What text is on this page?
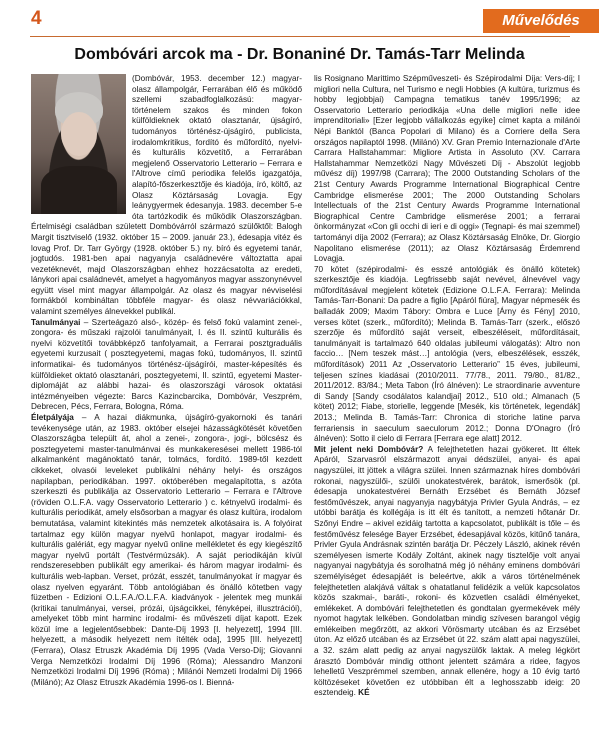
4	Művelődés
Dombóvári arcok ma - Dr. Bonaniné Dr. Tamás-Tarr Melinda

(Dombóvár, 1953. december 12.) magyar-olasz állampolgár, Ferrarában élő és működő szellemi szabadfoglalkozású: magyar-történelem szakos és minden fokon külföldieknek oktató olasztanár, újságíró, tudományos történész-újságíró, publicista, irodalomkritikus, fordító és műfordító, nyelvi- és kulturális közvetítő, a Ferrarában megjelenő Osservatorio Letterario – Ferrara e l'Altrove című periodika felelős igazgatója, alapító-főszerkesztője és kiadója, író, költő, az Olasz Köztársaság Lovagja. Egy leánygyermek édesanyja. 1983. december 5-e óta tartózkodik és működik Olaszországban. Értelmiségi családban született Dombóvárról származó szülőktől: Balogh Margit tisztviselő (1932. október 15 – 2009. január 23.), édesapja vitéz és lovag Prof. Dr. Tarr György (1928. október 5.) ny. bíró és egyetemi tanár, jogtudós. 1981-ben apai nagyanyja családnevére változtatta apai vezetéknevét, majd Olaszországban ehhez hozzácsatolta az eredeti, lánykori apai családnevét, amelyet a hagyományos magyar asszonynévvel együtt visel mint magyar állampolgár. Az olasz és magyar névviselési formákból kombináltan többféle magyar- és olasz névvariációkkal, valamint személyes álnevekkel publikál.

Tanulmányai – Szerteágazó alsó-, közép- és felső fokú valamint zenei-, zongora- és műszaki rajzolói tanulmányait, I. és II. szintű kulturális és nyelvi közvetítői továbbképző tanfolyamait, a Ferrarai posztgraduális egyetemi kurzusait ( posztegyetemi, magas fokú, tudományos, II. szintű informatikai- és tudományos történész-újságírói, master-képesítés és külföldieket oktató olasztanári, posztegyetemi, II. szintű, egyetemi Master-diplomáját az alábbi hazai- és olaszországi városok oktatási intézményeiben végezte: Barcs Kazincbarcika, Dombóvár, Veszprém, Debrecen, Pécs, Ferrara, Bologna, Róma.

Életpályája – A hazai diákmunka, újságíró-gyakornoki és tanári tevékenysége után, az 1983. október elsejei házasságkötését követően Olaszországba települt át, ahol a zenei-, zongora-, jogi-, bölcsész és posztegyetemi master-tanulmánvai és munkakeresései mellett 1986-tól alkalmanként magánoktató tanár, tolmács, fordító. 1989-től kezdett cikkeket, olvasói leveleket publikálni néhány helyi- és országos napilapban, periodikában. 1997. októberében megalapította, s azóta szerkeszti és publikálja az Osservatorio Letterario – Ferrara e l'Altrove (röviden O.L.F.A. vagy Osservatorio Letterario ) c. kétnyelvű irodalmi- és kulturális periodikát, amely elsősorban a magyar és olasz kultúra, irodalom bemutatása, valamint kitekintés más nemzetek alkotásaira is. A folyóirat tartalmaz egy külön magyar nyelvű honlapot, magyar irodalmi- és kulturális galériát, egy magyar nyelvű online mellékletet és egy kiegészítő magyar nyelvű portált (Testvérmúzsák). A saját periodikáján kívül rendszeresebben publikált egy amerikai- és három magyar irodalmi- és kulturális web-lapban. Verset, prózát, esszét, tanulmányokat ír magyar és olasz nyelven egyaránt. Több antológiában és önálló kötetben vagy füzetben - Edizioni O.L.F.A./O.L.F.A. kiadványok - jelentek meg munkái (kritikai tanulmányai, versei, prózái, újságcikkei, fényképei, illusztrációi), amelyeket több mint harminc irodalmi- és művészeti díjat kapott. Ezek közül íme a legjelentősebbek: Dante-Díj 1993 [I. helyezett], 1994 [III. helyezett, a második helyezett nem ítélték oda], 1995 [III. helyezett] (Ferrara), Olasz Etruszk Akadémia Díj 1995 (Vada Verso-Díj; Giovanni Verga Nemzetközi Irodalmi Díj 1996 (Róma); Alessandro Manzoni Nemzetközi Irodalmi Díj 1996 (Róma) ; Milánói Nemzeti Irodalmi Díj 1966 (Milánó); Az Olasz Etruszk Akadémia 1996-os I. Bienná-

lis Rosignano Marittimo Szépműveszeti- és Szépirodalmi Díja: Vers-díj; I migliori nella Cultura, nel Turismo e negli Hobbies (A kultúra, turizmus és hobby legjobbjai) Campagna tematikus tanév 1995/1996; az Osservatorio Letterario periodikája «Una delle migliori nelle idee imprenditoriali» [Ezer legjobb vállalkozás egyike] címet kapta a milánói Népi Banktól (Banca Popolari di Milano) és a Corriere della Sera országos napilaptól 1998. (Milánó) XV. Gran Premio Internazionale d'Arte Carrara Hallstahammar: Migliore Artista in Assoluto (XV. Carrara Hallstahammar Nemzetközi Nagy Művészeti Díj - Abszolút legjobb művész díj) 1997/98 (Carrara); The 2000 Outstanding Scholars of the 21st Century Awards Programme International Biographical Centre Cambridge elismerése 2001; The 2000 Outstanding Scholars Intellectuals of the 21st Century Awards Programme International Biographical Centre Cambridge elismerése 2001; a ferrarai önkormányzat «Con gli occhi di ieri e di oggi» (Tegnapi- és mai szemmel) tartományi díja 2002 (Ferrara); az Olasz Köztársaság Elnöke, Dr. Giorgio Napolitano elismerése (2011); az Olasz Köztársaság Érdemrend Lovagja.

70 kötet (szépirodalmi- és esszé antológiák és önálló kötetek) szerkesztője és kiadója. Legfrissebb saját nevével, álnevével vagy műfordításával megjelent kötetek (Edizione O.L.F.A. Ferrara): Melinda Tamás-Tarr-Bonani: Da padre a figlio [Apáról fiúra], Magyar népmesék és balladák 2009; Maxim Tábory: Ombra e Luce [Árny és Fény] 2010, verses kötet (szerk., műfordító); Melinda B. Tamás-Tarr (szerk., előszó szerzője és műfordító saját verseit, elbeszéléseit, műfordításait, tanulmányait is tartalmazó 640 oldalas jubileumi válogatás): Altro non faccio… [Nem teszek mást…] antológia (vers, elbeszélések, esszék, műfordítások) 2011 Az „Osservatorio Letterario” 15 éves, jubileumi, teljesen színes kiadásai (2010/2011. 77/78., 2011. 79/80., 81/82., 2011/2012. 83/84.; Meta Tabon (Író álnéven): Le straordinarie avventure di Sandy [Sandy csodálatos kalandjai] 2012., 510 old.; Almanach (5 kötet) 2012; Fiabe, storielle, leggende [Mesék, kis történetek, legendák] 2013.; Melinda B. Tamás-Tarr: Chronica di storiche latine parva ferrariensis in saeculum saeculorum 2012.; Donna D'Onagro (Író álnéven): Sotto il cielo di Ferrara [Ferrara ege alatt] 2012.

Mit jelent neki Dombóvár? A felejthetetlen hazai gyökeret. Itt éltek Apáról, Szarvasról elszármazott anyai dédszülei, anyai- és apai nagyszülei, itt jöttek a világra szülei. Innen származnak híres dombóvári rokonai, nagyszülői-, szülői unokatestvérek, barátok, ismerősök (pl. édesapja unokatestvérei Bernáth Erzsébet és Bernáth József festőművészek, anyai nagyanyja nagybátyja Privler Gyula András, – ez utóbbi barátja és kollégája is itt élt és tanított, a nemzeti hőtanár Dr. Szőnyi Endre – akivel ezidáig tartotta a kapcsolatot, publikált is tőle – és festőművész felesége Bayer Erzsébet, édesapjával közös, kitűnő tanára, Privler Gyula Andrásnak szintén barátja Dr. Péczely László, akinek révén személyesen ismerte Kodály Zoltánt, akinek nagy tisztelője volt anyai nagyanyai nagybátyja és sorolhatná még jó néhány eminens dombóvári személyiséget édesapjáét is beleértve, akik a város történelmének felejthetetlen alakjává váltak s ohatatlanul felidézik a velük kapcsolatos közös szakmai-, baráti-, rokoni- és közvetlen családi élményeket, emlékeket. A dombóvári felejthetetlen és gondtalan gyermekévek mély nyomot hagytak lelkében. Gondolatban mindig szívesen barangol végig emlékeiben megőrzött, az akkori Vörösmarty utcában és az Erzsébet úton. Az előző utcában és az Erzsébet út 22. szám alatt apai nagyszülei, a 32. szám alatt pedig az anyai nagyszülők laktak. A meleg légkört árasztó Dombóvár mindig otthont jelentett számára a ridee, fagyos lehelletű Veszprémmel szemben, annak ellenére, hogy a 10 évig tartó költözéseket követően ez utóbbiban élt a leghosszabb ideig: 20 esztendeig. KÉ
